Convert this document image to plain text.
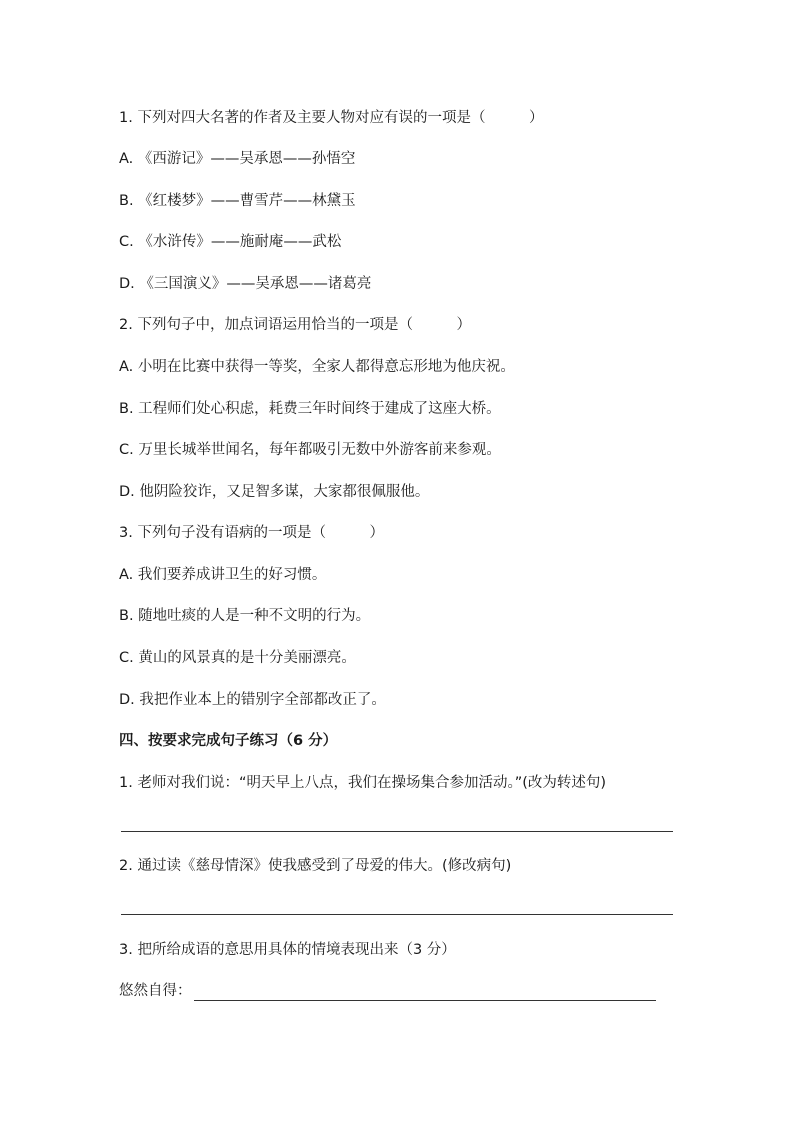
1. 下列对四大名著的作者及主要人物对应有误的一项是（　　　）
A. 《西游记》——吴承恩——孙悟空
B. 《红楼梦》——曹雪芹——林黛玉
C. 《水浒传》——施耐庵——武松
D. 《三国演义》——吴承恩——诸葛亮
2. 下列句子中，加点词语运用恰当的一项是（　　　）
A. 小明在比赛中获得一等奖，全家人都得意忘形地为他庆祝。
B. 工程师们处心积虑，耗费三年时间终于建成了这座大桥。
C. 万里长城举世闻名，每年都吸引无数中外游客前来参观。
D. 他阴险狡诈，又足智多谋，大家都很佩服他。
3. 下列句子没有语病的一项是（　　　）
A. 我们要养成讲卫生的好习惯。
B. 随地吐痰的人是一种不文明的行为。
C. 黄山的风景真的是十分美丽漂亮。
D. 我把作业本上的错别字全部都改正了。
四、按要求完成句子练习（6 分）
1. 老师对我们说：“明天早上八点，我们在操场集合参加活动。”(改为转述句)
2. 通过读《慈母情深》使我感受到了母爱的伟大。(修改病句)
3. 把所给成语的意思用具体的情境表现出来（3 分）
悠然自得：
